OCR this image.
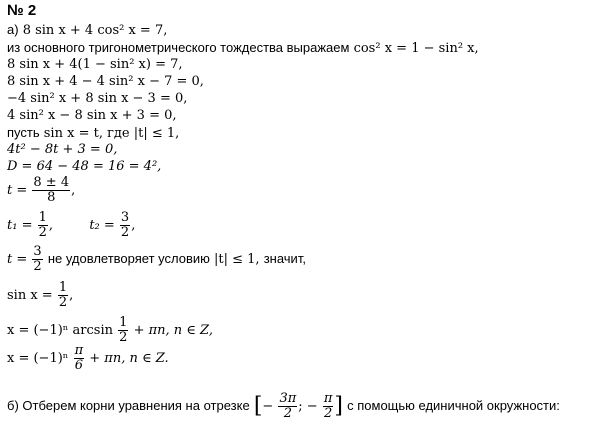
№ 2
а) 8 sin x + 4 cos² x = 7,
из основного тригонометрического тождества выражаем cos² x = 1 − sin² x,
8 sin x + 4(1 − sin² x) = 7,
8 sin x + 4 − 4 sin² x − 7 = 0,
−4 sin² x + 8 sin x − 3 = 0,
4 sin² x − 8 sin x + 3 = 0,
пусть sin x = t, где |t| ≤ 1,
4t² − 8t + 3 = 0,
D = 64 − 48 = 16 = 4²,
$t = \frac{8 \pm 4}{8}$ ,
$t_1 = \frac{1}{2}$ ,	$t_2 = \frac{3}{2}$ ,
$t = \frac{3}{2}$ не удовлетворяет условию |t| ≤ 1, значит,
$\sin x = \frac{1}{2}$ ,
x = (−1)ⁿ $\arcsin \frac{1}{2} + \pi n$, n ∈ Z,
$x = (-1)^n \frac{\pi}{6} + \pi n$, n ∈ Z.
б) Отберем корни уравнения на отрезке [− $\frac{3\pi}{2}$ ; − $\frac{\pi}{2}$ ] с помощью единичной окружности:
